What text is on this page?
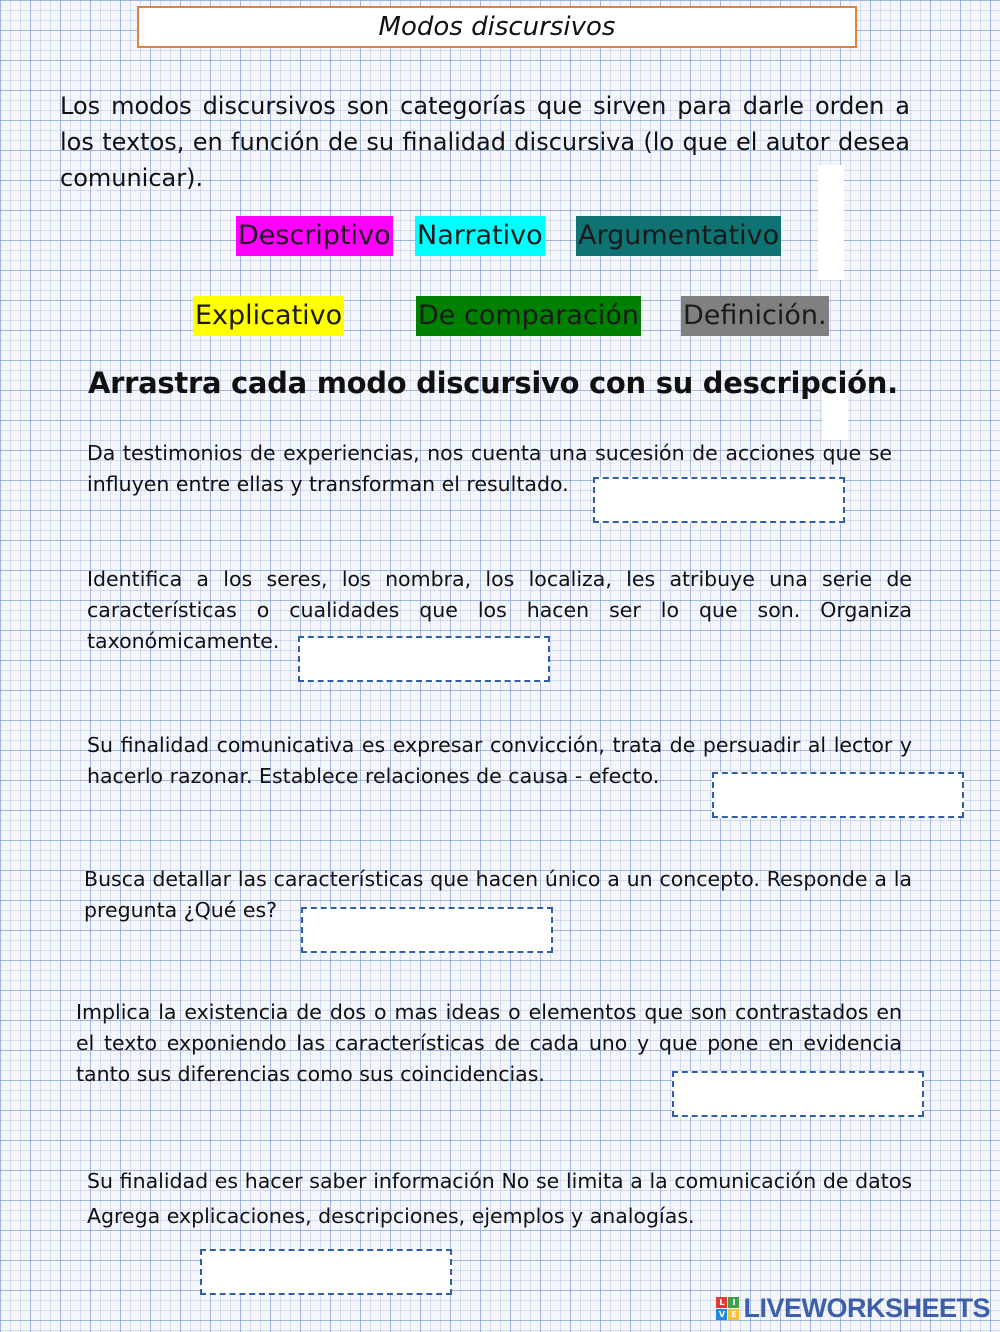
Modos discursivos

Los modos discursivos son categorías que sirven para darle orden a los textos, en función de su finalidad discursiva (lo que el autor desea comunicar).

Descriptivo Narrativo Argumentativo
Explicativo	De comparación Definición.

Arrastra cada modo discursivo con su descripción.

Da testimonios de experiencias, nos cuenta una sucesión de acciones que se influyen entre ellas y transforman el resultado.

Identifica a los seres, los nombra, los localiza, les atribuye una serie de características o cualidades que los hacen ser lo que son. Organiza taxonómicamente.

Su finalidad comunicativa es expresar convicción, trata de persuadir al lector y hacerlo razonar. Establece relaciones de causa - efecto.

Busca detallar las características que hacen único a un concepto. Responde a la pregunta ¿Qué es?

Implica la existencia de dos o mas ideas o elementos que son contrastados en el texto exponiendo las características de cada uno y que pone en evidencia tanto sus diferencias como sus coincidencias.

Su finalidad es hacer saber información No se limita a la comunicación de datos Agrega explicaciones, descripciones, ejemplos y analogías.

L I
V E LIVEWORKSHEETS
